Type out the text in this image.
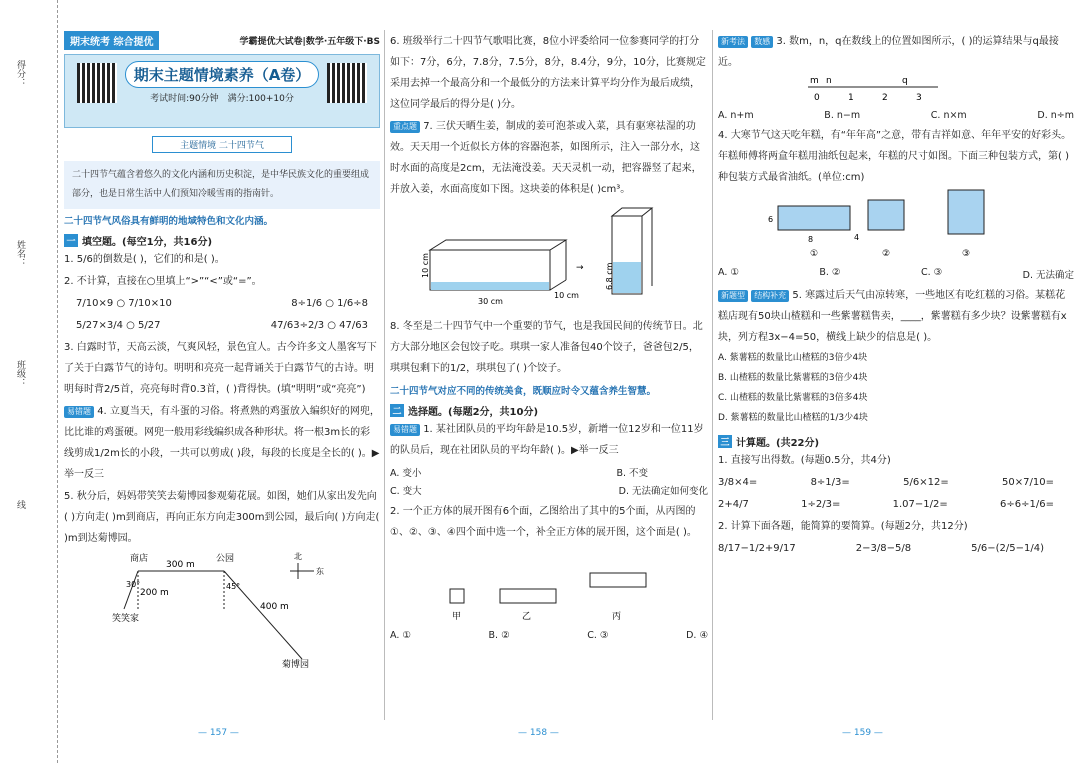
得分：
姓名：
班级：
线
期末统考 综合提优	学霸提优大试卷|数学·五年级下·BS
期末主题情境素养（A卷）
考试时间:90分钟　 满分:100+10分
主题情境 二十四节气
二十四节气蕴含着悠久的文化内涵和历史积淀，是中华民族文化的重要组成部分，也是日常生活中人们预知冷暖雪雨的指南针。
二十四节气风俗具有鲜明的地域特色和文化内涵。
一 填空题。(每空1分，共16分)
1. 5/6的倒数是( )，它们的和是( )。
2. 不计算，直接在○里填上“>”“<”或“=”。
7/10×9 ○ 7/10×10	8÷1/6 ○ 1/6÷8
5/27×3/4 ○ 5/27	47/63÷2/3 ○ 47/63
3. 白露时节，天高云淡，气爽风轻，景色宜人。古今许多文人墨客写下了关于白露节气的诗句。明明和亮亮一起背诵关于白露节气的古诗。明明每时背2/5首，亮亮每时背0.3首，( )背得快。(填“明明”或“亮亮”)
易错题 4. 立夏当天，有斗蛋的习俗。将煮熟的鸡蛋放入编织好的网兜，比比谁的鸡蛋硬。网兜一般用彩线编织成各种形状。将一根3m长的彩线剪成1/2m长的小段，一共可以剪成( )段，每段的长度是全长的( )。▶举一反三
5. 秋分后，妈妈带笑笑去菊博园参观菊花展。如图，她们从家出发先向( )方向走( )m到商店，再向正东方向走300m到公园，最后向( )方向走( )m到达菊博园。
商店	公园
笑笑家
菊博园
300 m
200 m
400 m
30°	45°
北
东
6. 班级举行二十四节气歌唱比赛，8位小评委给同一位参赛同学的打分如下：7分，6分，7.8分，7.5分，8分，8.4分，9分，10分，比赛规定采用去掉一个最高分和一个最低分的方法来计算平均分作为最后成绩，这位同学最后的得分是( )分。
重点题 7. 三伏天晒生姜，制成的姜可泡茶或入菜，具有驱寒祛湿的功效。天天用一个近似长方体的容器泡茶，如图所示，注入一部分水，这时水面的高度是2cm，无法淹没姜。天天灵机一动，把容器竖了起来，并放入姜，水面高度如下图。这块姜的体积是( )cm³。
10 cm
30 cm
10 cm
→	6.8 cm
8. 冬至是二十四节气中一个重要的节气，也是我国民间的传统节日。北方大部分地区会包饺子吃。琪琪一家人准备包40个饺子，爸爸包2/5，琪琪包剩下的1/2，琪琪包了( )个饺子。
二十四节气对应不同的传统美食，既顺应时令又蕴含养生智慧。
二 选择题。(每题2分，共10分)
易错题 1. 某社团队员的平均年龄是10.5岁，新增一位12岁和一位11岁的队员后，现在社团队员的平均年龄( )。▶举一反三
A. 变小	B. 不变
C. 变大	D. 无法确定如何变化
2. 一个正方体的展开图有6个面，乙图给出了其中的5个面，从丙图的①、②、③、④四个面中选一个，补全正方体的展开图，这个面是( )。
甲	乙	丙
A. ①	B. ②	C. ③	D. ④
新考法 数感 3. 数m，n，q在数线上的位置如图所示，( )的运算结果与q最接近。
m n	q
0	1	2	3
A. n+m	B. n−m	C. n×m	D. n÷m
4. 大寒节气这天吃年糕，有“年年高”之意，带有吉祥如意、年年平安的好彩头。年糕师傅将两盒年糕用油纸包起来，年糕的尺寸如图。下面三种包装方式，第( )种包装方式最省油纸。(单位:cm)
6
8	4
①	②	③
A. ①	B. ②	C. ③	D. 无法确定
新题型 结构补充 5. 寒露过后天气由凉转寒，一些地区有吃红糕的习俗。某糕花糕店现有50块山楂糕和一些紫薯糕售卖，____，紫薯糕有多少块？设紫薯糕有x块，列方程3x−4=50，横线上缺少的信息是( )。
A. 紫薯糕的数量比山楂糕的3倍少4块
B. 山楂糕的数量比紫薯糕的3倍少4块
C. 山楂糕的数量比紫薯糕的3倍多4块
D. 紫薯糕的数量比山楂糕的1/3少4块
三 计算题。(共22分)
1. 直接写出得数。(每题0.5分，共4分)
3/8×4=	8÷1/3=	5/6×12=	50×7/10=
2+4/7	1÷2/3=	1.07−1/2=	6÷6÷1/6=
2. 计算下面各题，能简算的要简算。(每题2分，共12分)
8/17−1/2+9/17	2−3/8−5/8	5/6−(2/5−1/4)
— 157 —	— 158 —	— 159 —
